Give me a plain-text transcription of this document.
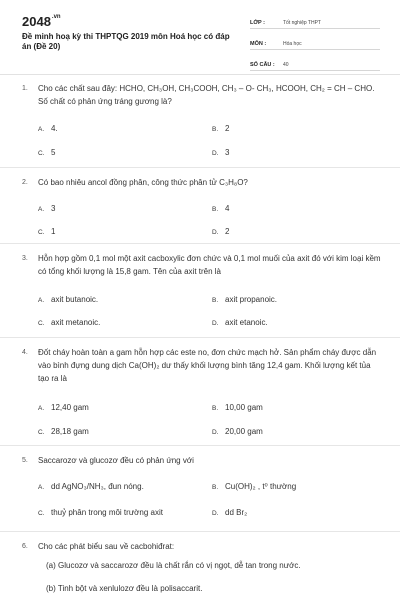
$2048^{.vn}$
Đề minh hoạ kỳ thi THPTQG 2019 môn Hoá học có đáp án (Đề 20)
LỚP :	Tốt nghiệp THPT
MÔN :	Hóa học
SỐ CÂU :	40
1.	Cho các chất sau đây: HCHO, CH₃OH, CH₃COOH, CH₃ – O- CH₃, HCOOH, CH₂ = CH – CHO. Số chất có phản ứng tráng gương là?
A. 4.	B. 2
C. 5	D. 3
2.	Có bao nhiêu ancol đồng phân, công thức phân tử C₃H₈O?
A. 3	B. 4
C. 1	D. 2
3.	Hỗn hợp gồm 0,1 mol một axit cacboxylic đơn chức và 0,1 mol muối của axit đó với kim loại kềm có tổng khối lượng là 15,8 gam. Tên của axit trên là
A. axit butanoic.	B. axit propanoic.
C. axit metanoic.	D. axit etanoic.
4.	Đốt cháy hoàn toàn a gam hỗn hợp các este no, đơn chức mạch hở. Sản phẩm cháy được dẫn vào bình đựng dung dịch Ca(OH)₂ dư thấy khối lượng bình tăng 12,4 gam. Khối lượng kết tủa tạo ra là
A. 12,40 gam	B. 10,00 gam
C. 28,18 gam	D. 20,00 gam
5.	Saccarozơ và glucozơ đều có phản ứng với
A. dd AgNO₃/NH₃, đun nóng.	B. Cu(OH)₂ , t⁰ thường
C. thuỷ phân trong môi trường axit	D. dd Br₂
6.	Cho các phát biểu sau về cacbohiđrat:
(a) Glucozơ và saccarozơ đều là chất rắn có vị ngọt, dễ tan trong nước.
(b) Tinh bột và xenlulozơ đều là polisaccarit.
